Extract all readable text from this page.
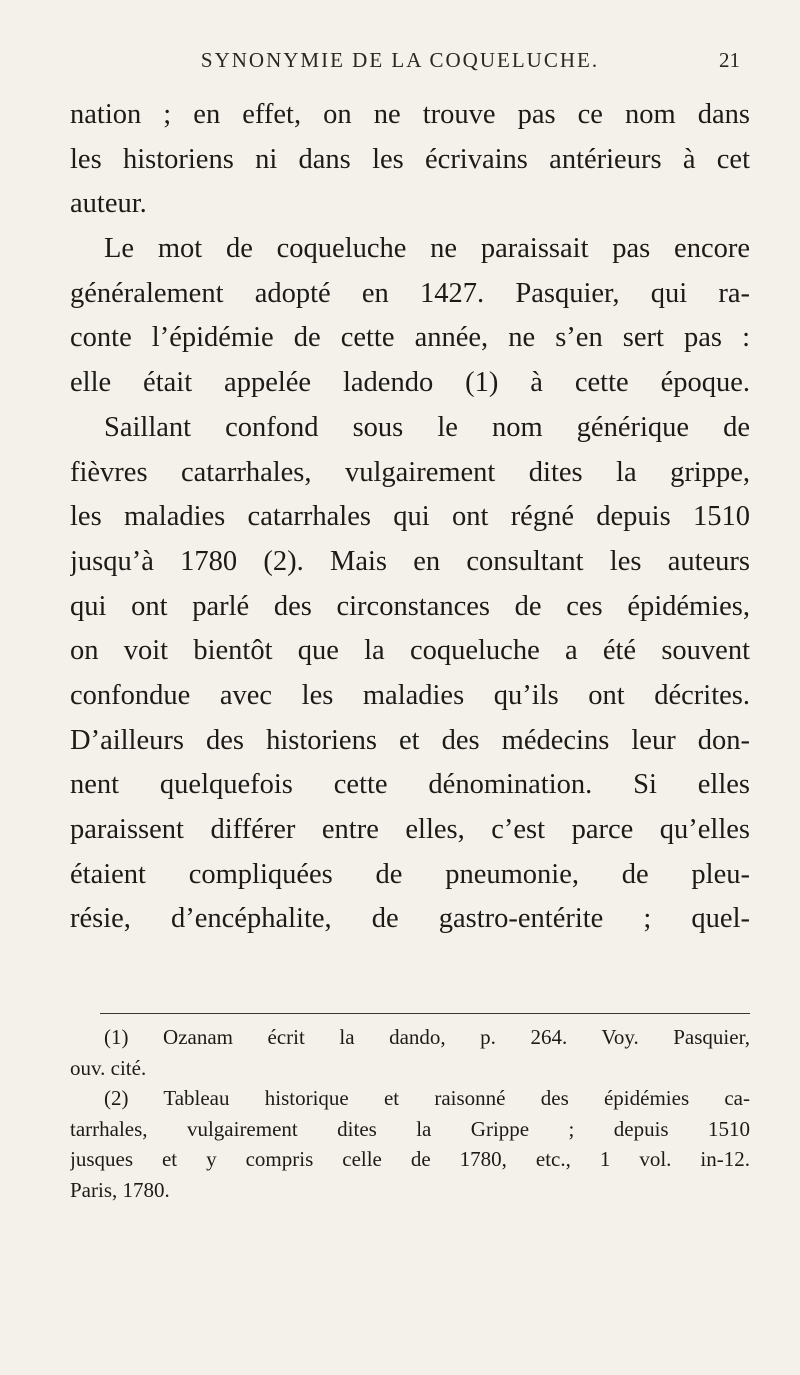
SYNONYMIE DE LA COQUELUCHE.	21
nation ; en effet, on ne trouve pas ce nom dans
les historiens ni dans les écrivains antérieurs à cet
auteur.
Le mot de coqueluche ne paraissait pas encore
généralement adopté en 1427. Pasquier, qui ra-
conte l’épidémie de cette année, ne s’en sert pas :
elle était appelée ladendo (1) à cette époque.
Saillant confond sous le nom générique de
fièvres catarrhales, vulgairement dites la grippe,
les maladies catarrhales qui ont régné depuis 1510
jusqu’à 1780 (2). Mais en consultant les auteurs
qui ont parlé des circonstances de ces épidémies,
on voit bientôt que la coqueluche a été souvent
confondue avec les maladies qu’ils ont décrites.
D’ailleurs des historiens et des médecins leur don-
nent quelquefois cette dénomination. Si elles
paraissent différer entre elles, c’est parce qu’elles
étaient compliquées de pneumonie, de pleu-
résie, d’encéphalite, de gastro-entérite ; quel-
(1) Ozanam écrit la dando, p. 264. Voy. Pasquier,
ouv. cité.
(2) Tableau historique et raisonné des épidémies ca-
tarrhales, vulgairement dites la Grippe ; depuis 1510
jusques et y compris celle de 1780, etc., 1 vol. in-12.
Paris, 1780.
